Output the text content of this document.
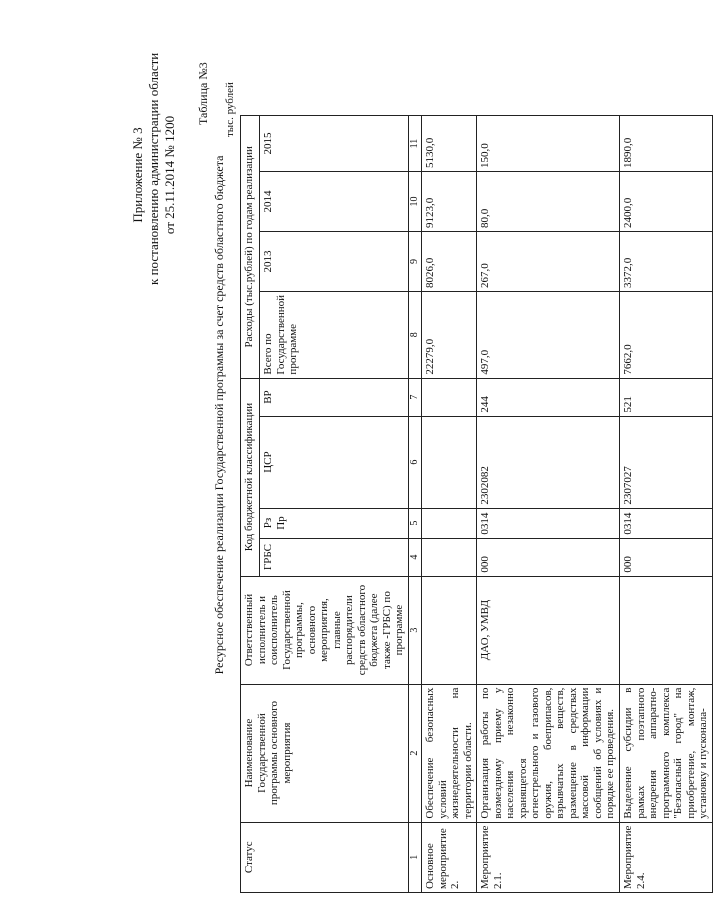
Приложение № 3 к постановлению администрации области от 25.11.2014 № 1200
Таблица №3
Ресурсное обеспечение реализации Государственной программы за счет средств областного бюджета
тыс. рублей
Статус	Наименование Государственной программы основного мероприятия	Ответственный исполнитель и соисполнитель Государственной программы, основного мероприятия, главные распорядители средств областного бюджета (далее также -ГРБС) по программе	Код бюджетной классификации				Расходы (тыс.рублей) по годам реализации			
			ГРБС	Рз Пр	ЦСР	ВР	Всего по Государственной программе	2013	2014	2015
1	2	3	4	5	6	7	8	9	10	11
Основное мероприятие 2.	Обеспечение безопасных условий жизнедеятельности на территории области.						22279,0	8026,0	9123,0	5130,0
Мероприятие 2.1.	Организация работы по возмездному приему у населения незаконно хранящегося огнестрельного и газового оружия, боеприпасов, взрывчатых веществ, размещение в средствах массовой информации сообщений об условиях и порядке ее проведения.	ДАО, УМВД	000	0314	2302082	244	497,0	267,0	80,0	150,0
Мероприятие 2.4.	Выделение субсидии в рамках поэтапного внедрения аппаратно-программного комплекса "Безопасный город" на приобретение, монтаж, установку и пусконала-		000	0314	2307027	521	7662,0	3372,0	2400,0	1890,0
